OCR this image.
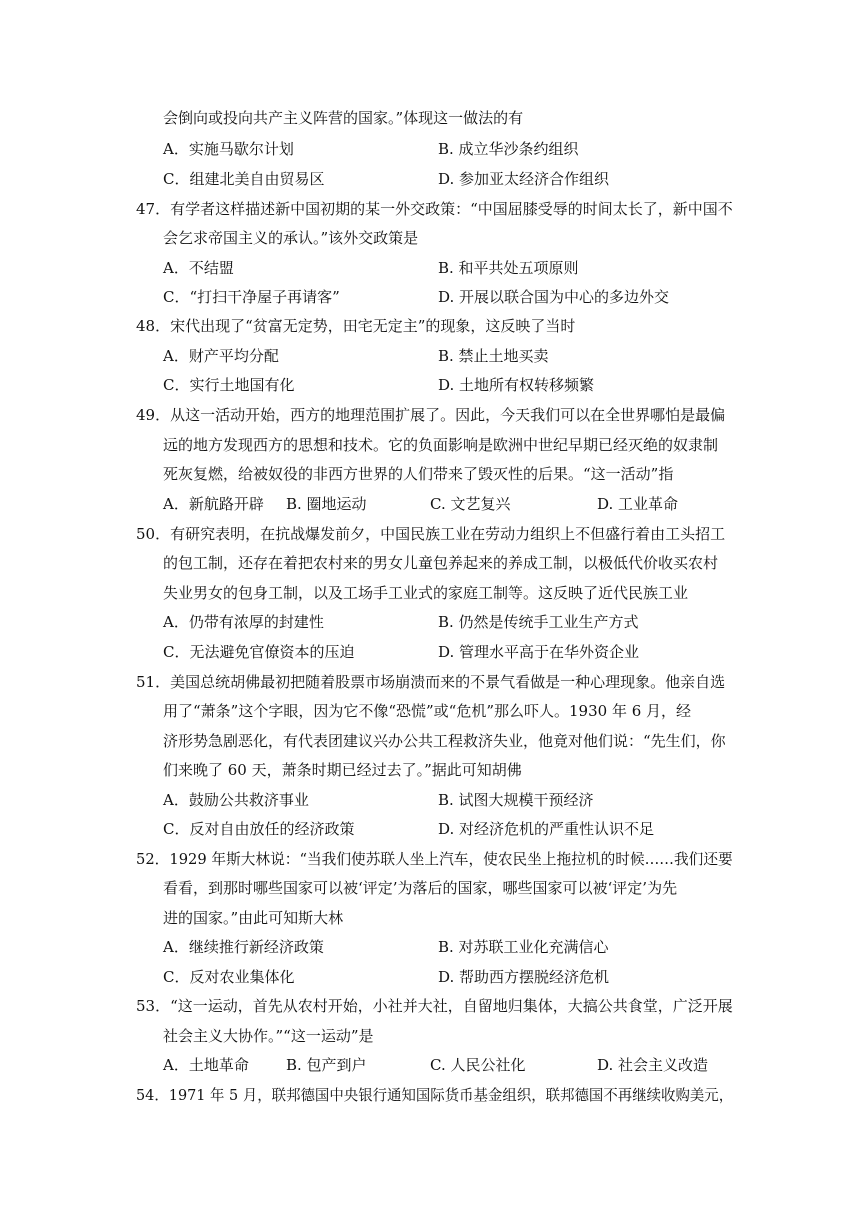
会倒向或投向共产主义阵营的国家。”体现这一做法的有
A．实施马歇尔计划	B. 成立华沙条约组织
C．组建北美自由贸易区	D. 参加亚太经济合作组织
47．有学者这样描述新中国初期的某一外交政策：“中国屈膝受辱的时间太长了，新中国不
会乞求帝国主义的承认。”该外交政策是
A．不结盟	B. 和平共处五项原则
C．“打扫干净屋子再请客”	D. 开展以联合国为中心的多边外交
48．宋代出现了“贫富无定势，田宅无定主”的现象，这反映了当时
A．财产平均分配	B. 禁止土地买卖
C．实行土地国有化	D. 土地所有权转移频繁
49．从这一活动开始，西方的地理范围扩展了。因此，今天我们可以在全世界哪怕是最偏
远的地方发现西方的思想和技术。它的负面影响是欧洲中世纪早期已经灭绝的奴隶制
死灰复燃，给被奴役的非西方世界的人们带来了毁灭性的后果。“这一活动”指
A．新航路开辟 B. 圈地运动	C. 文艺复兴	D. 工业革命
50．有研究表明，在抗战爆发前夕，中国民族工业在劳动力组织上不但盛行着由工头招工
的包工制，还存在着把农村来的男女儿童包养起来的养成工制，以极低代价收买农村
失业男女的包身工制，以及工场手工业式的家庭工制等。这反映了近代民族工业
A．仍带有浓厚的封建性	B. 仍然是传统手工业生产方式
C．无法避免官僚资本的压迫	D. 管理水平高于在华外资企业
51．美国总统胡佛最初把随着股票市场崩溃而来的不景气看做是一种心理现象。他亲自选
用了“萧条”这个字眼，因为它不像“恐慌”或“危机”那么吓人。1930 年 6 月，经
济形势急剧恶化，有代表团建议兴办公共工程救济失业，他竟对他们说：“先生们，你
们来晚了 60 天，萧条时期已经过去了。”据此可知胡佛
A．鼓励公共救济事业	B. 试图大规模干预经济
C．反对自由放任的经济政策	D. 对经济危机的严重性认识不足
52．1929 年斯大林说：“当我们使苏联人坐上汽车，使农民坐上拖拉机的时候……我们还要
看看，到那时哪些国家可以被‘评定’为落后的国家，哪些国家可以被‘评定’为先
进的国家。”由此可知斯大林
A．继续推行新经济政策	B. 对苏联工业化充满信心
C．反对农业集体化	D. 帮助西方摆脱经济危机
53．“这一运动，首先从农村开始，小社并大社，自留地归集体，大搞公共食堂，广泛开展
社会主义大协作。”“这一运动”是
A．土地革命 B. 包产到户	C. 人民公社化	D. 社会主义改造
54．1971 年 5 月，联邦德国中央银行通知国际货币基金组织，联邦德国不再继续收购美元，
